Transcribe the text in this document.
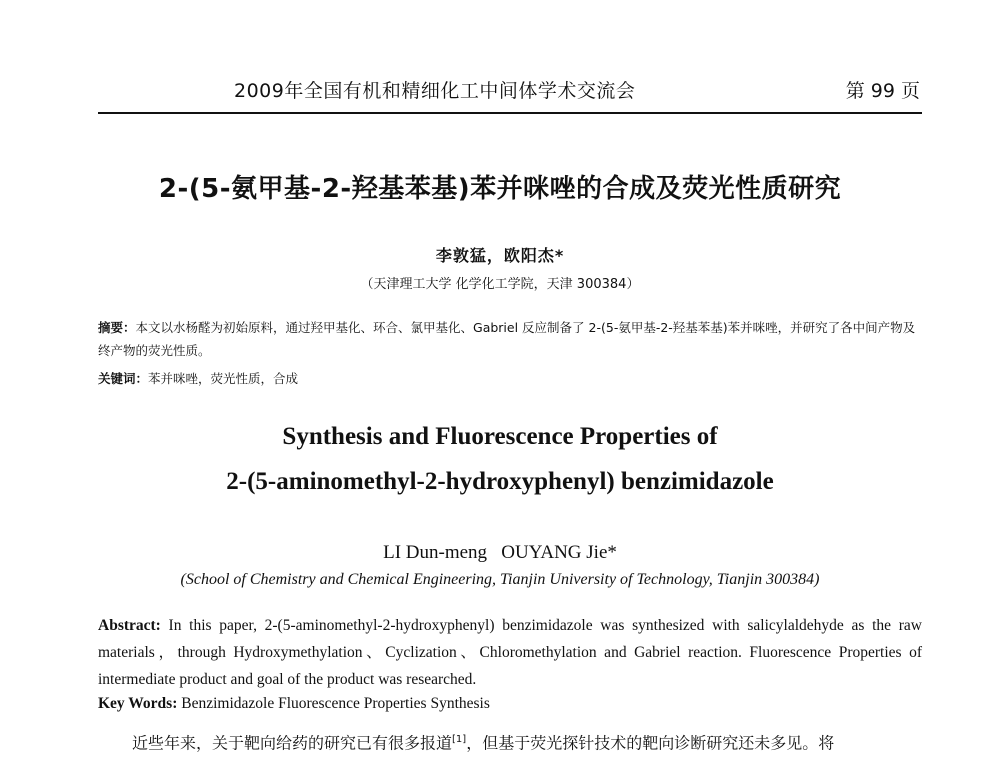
2009年全国有机和精细化工中间体学术交流会	第 99 页
2-(5-氨甲基-2-羟基苯基)苯并咪唑的合成及荧光性质研究
李敦猛，欧阳杰*
（天津理工大学 化学化工学院，天津 300384）
摘要：本文以水杨醛为初始原料，通过羟甲基化、环合、氯甲基化、Gabriel 反应制备了 2-(5-氨甲基-2-羟基苯基)苯并咪唑，并研究了各中间产物及终产物的荧光性质。
关键词：苯并咪唑，荧光性质，合成
Synthesis and Fluorescence Properties of
2-(5-aminomethyl-2-hydroxyphenyl) benzimidazole
LI Dun-meng   OUYANG Jie*
(School of Chemistry and Chemical Engineering, Tianjin University of Technology, Tianjin 300384)
Abstract: In this paper, 2-(5-aminomethyl-2-hydroxyphenyl) benzimidazole was synthesized with salicylaldehyde as the raw materials，through Hydroxymethylation、Cyclization、Chloromethylation and Gabriel reaction. Fluorescence Properties of intermediate product and goal of the product was researched.
Key Words: Benzimidazole Fluorescence Properties Synthesis
近些年来，关于靶向给药的研究已有很多报道[1]，但基于荧光探针技术的靶向诊断研究还未多见。将
